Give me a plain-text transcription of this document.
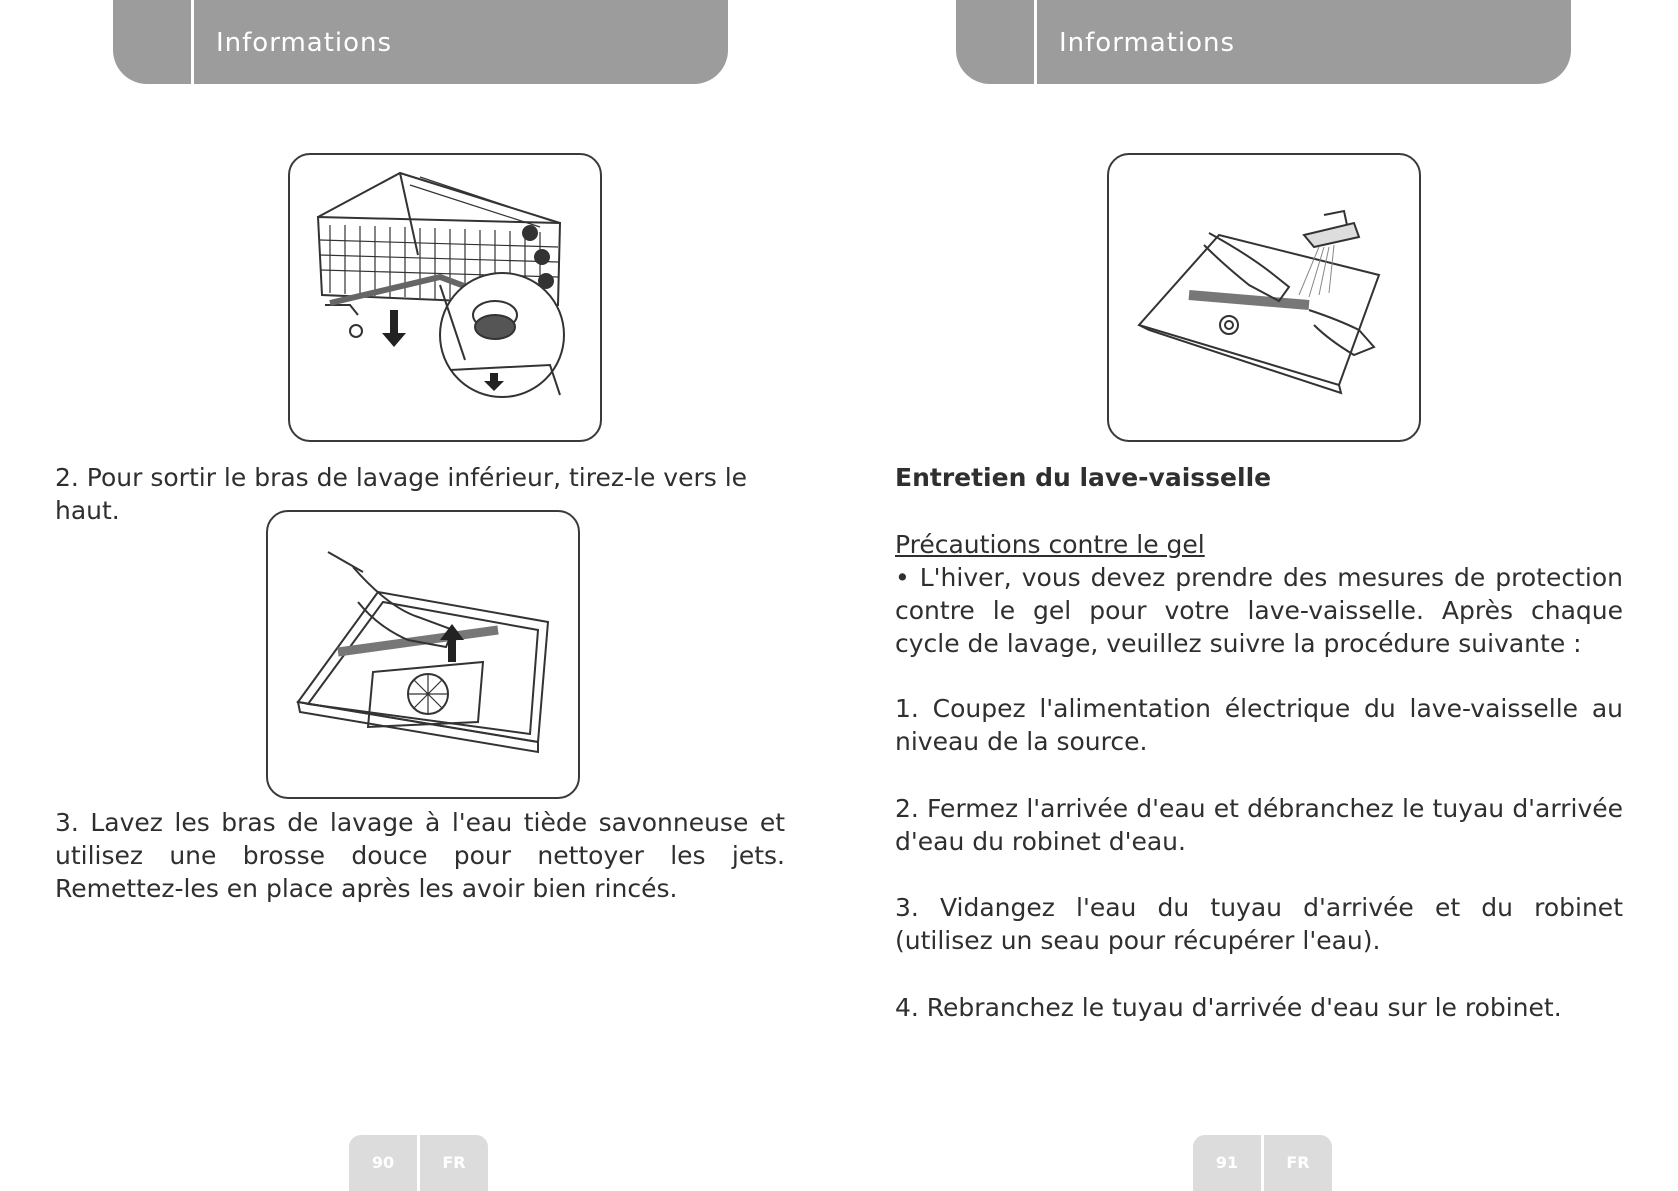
Informations
2. Pour sortir le bras de lavage inférieur, tirez-le vers le haut.
3. Lavez les bras de lavage à l'eau tiède savonneuse et utilisez une brosse douce pour nettoyer les jets. Remettez-les en place après les avoir bien rincés.
90	FR
Informations
Entretien du lave-vaisselle
Précautions contre le gel
• L'hiver, vous devez prendre des mesures de protection contre le gel pour votre lave-vaisselle. Après chaque cycle de lavage, veuillez suivre la procédure suivante :
1. Coupez l'alimentation électrique du lave-vaisselle au niveau de la source.
2. Fermez l'arrivée d'eau et débranchez le tuyau d'arrivée d'eau du robinet d'eau.
3. Vidangez l'eau du tuyau d'arrivée et du robinet (utilisez un seau pour récupérer l'eau).
4. Rebranchez le tuyau d'arrivée d'eau sur le robinet.
91	FR
